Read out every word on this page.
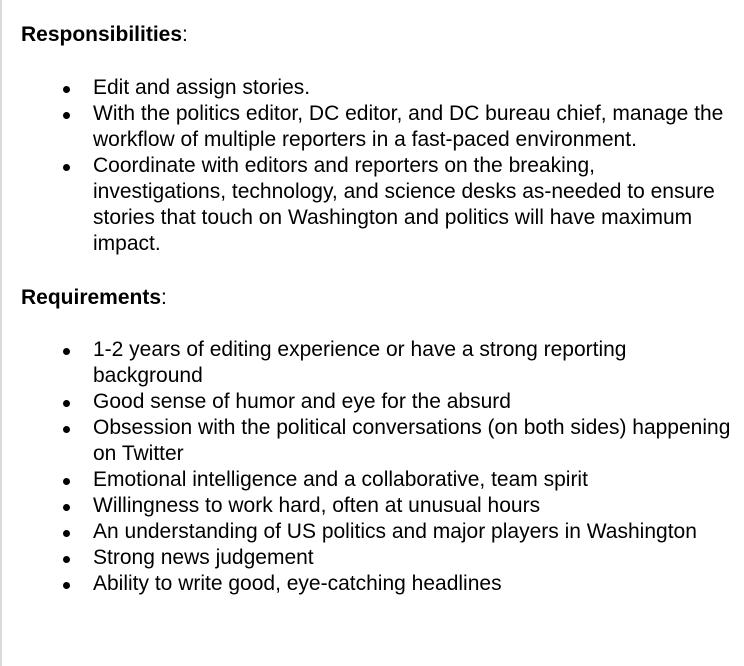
Responsibilities:

Edit and assign stories.
With the politics editor, DC editor, and DC bureau chief, manage the workflow of multiple reporters in a fast-paced environment.
Coordinate with editors and reporters on the breaking, investigations, technology, and science desks as-needed to ensure stories that touch on Washington and politics will have maximum impact.

Requirements:

1-2 years of editing experience or have a strong reporting background
Good sense of humor and eye for the absurd
Obsession with the political conversations (on both sides) happening on Twitter
Emotional intelligence and a collaborative, team spirit
Willingness to work hard, often at unusual hours
An understanding of US politics and major players in Washington
Strong news judgement
Ability to write good, eye-catching headlines
